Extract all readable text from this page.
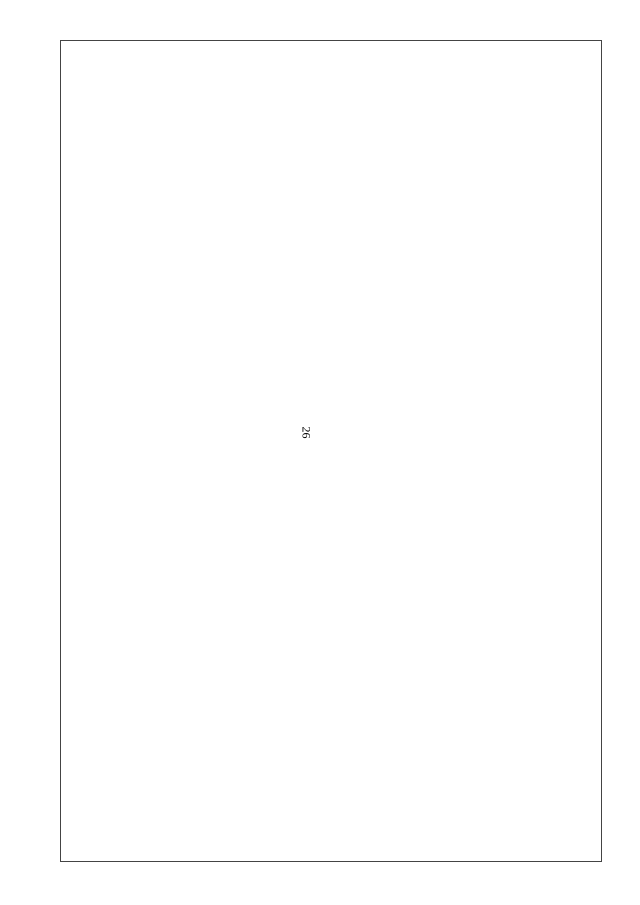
26
